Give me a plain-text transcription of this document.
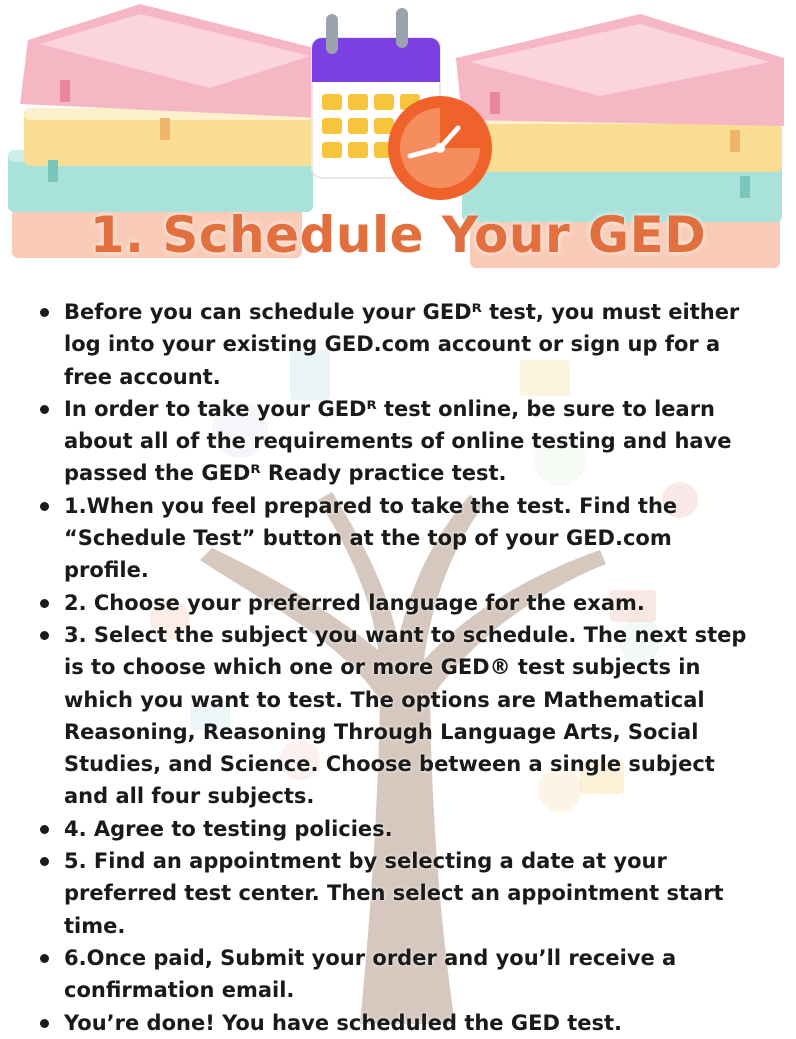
1. Schedule Your GED
Before you can schedule your GEDᴿ test, you must either log into your existing GED.com account or sign up for a free account.
In order to take your GEDᴿ test online, be sure to learn about all of the requirements of online testing and have passed the GEDᴿ Ready practice test.
1.When you feel prepared to take the test. Find the “Schedule Test” button at the top of your GED.com profile.
2. Choose your preferred language for the exam.
3. Select the subject you want to schedule. The next step is to choose which one or more GED® test subjects in which you want to test. The options are Mathematical Reasoning, Reasoning Through Language Arts, Social Studies, and Science. Choose between a single subject and all four subjects.
4. Agree to testing policies.
5. Find an appointment by selecting a date at your preferred test center. Then select an appointment start time.
6.Once paid, Submit your order and you’ll receive a confirmation email.
You’re done! You have scheduled the GED test.
